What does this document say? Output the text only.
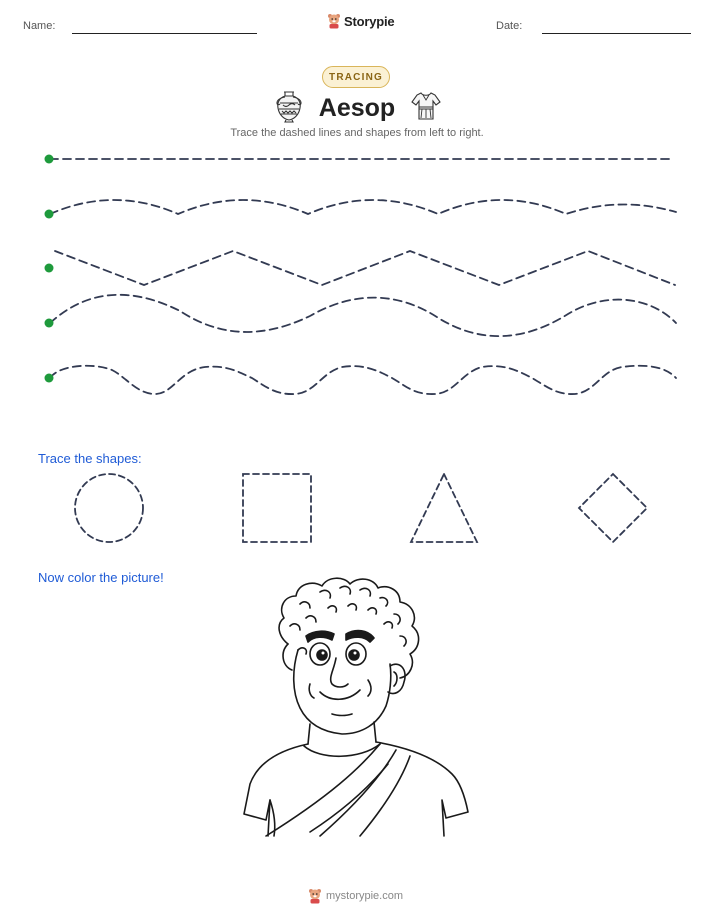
Name:	Storypie	Date:
TRACING
Aesop
Trace the dashed lines and shapes from left to right.
Trace the shapes:
Now color the picture!
mystorypie.com
